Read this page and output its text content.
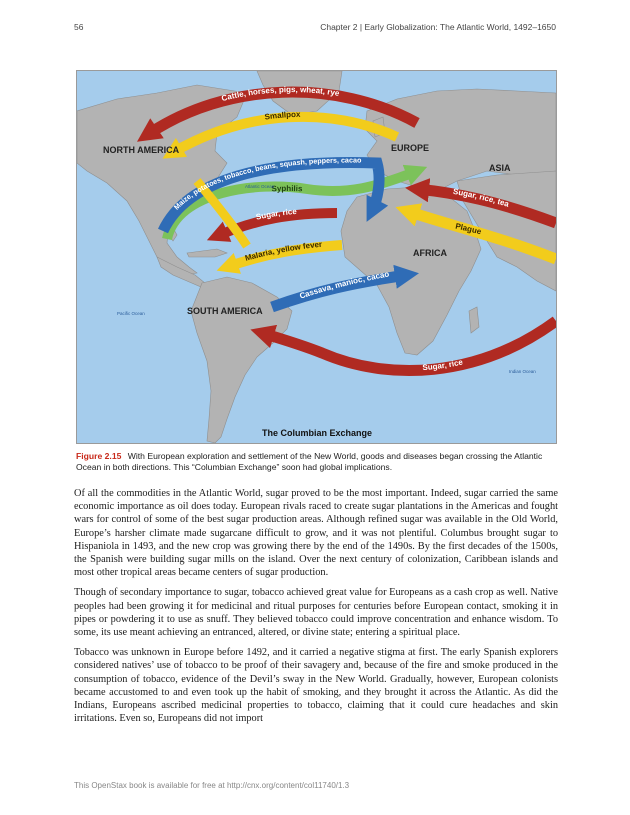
56	Chapter 2 | Early Globalization: The Atlantic World, 1492–1650
Cattle, horses, pigs, wheat, rye
Maize, potatoes, tobacco, beans, squash, peppers, cacao
Sugar, rice, tea
Sugar, rice
Cassava, manioc, cacao
Sugar, rice
Smallpox
Syphilis
Plague
Malaria, yellow fever
NORTH AMERICA
SOUTH AMERICA
EUROPE
AFRICA
ASIA
Atlantic Ocean
Pacific Ocean
Indian Ocean
The Columbian Exchange
Figure 2.15 With European exploration and settlement of the New World, goods and diseases began crossing the Atlantic Ocean in both directions. This “Columbian Exchange” soon had global implications.

Of all the commodities in the Atlantic World, sugar proved to be the most important. Indeed, sugar carried the same economic importance as oil does today. European rivals raced to create sugar plantations in the Americas and fought wars for control of some of the best sugar production areas. Although refined sugar was available in the Old World, Europe’s harsher climate made sugarcane difficult to grow, and it was not plentiful. Columbus brought sugar to Hispaniola in 1493, and the new crop was growing there by the end of the 1490s. By the first decades of the 1500s, the Spanish were building sugar mills on the island. Over the next century of colonization, Caribbean islands and most other tropical areas became centers of sugar production.

Though of secondary importance to sugar, tobacco achieved great value for Europeans as a cash crop as well. Native peoples had been growing it for medicinal and ritual purposes for centuries before European contact, smoking it in pipes or powdering it to use as snuff. They believed tobacco could improve concentration and enhance wisdom. To some, its use meant achieving an entranced, altered, or divine state; entering a spiritual place.

Tobacco was unknown in Europe before 1492, and it carried a negative stigma at first. The early Spanish explorers considered natives’ use of tobacco to be proof of their savagery and, because of the fire and smoke produced in the consumption of tobacco, evidence of the Devil’s sway in the New World. Gradually, however, European colonists became accustomed to and even took up the habit of smoking, and they brought it across the Atlantic. As did the Indians, Europeans ascribed medicinal properties to tobacco, claiming that it could cure headaches and skin irritations. Even so, Europeans did not import

This OpenStax book is available for free at http://cnx.org/content/col11740/1.3
